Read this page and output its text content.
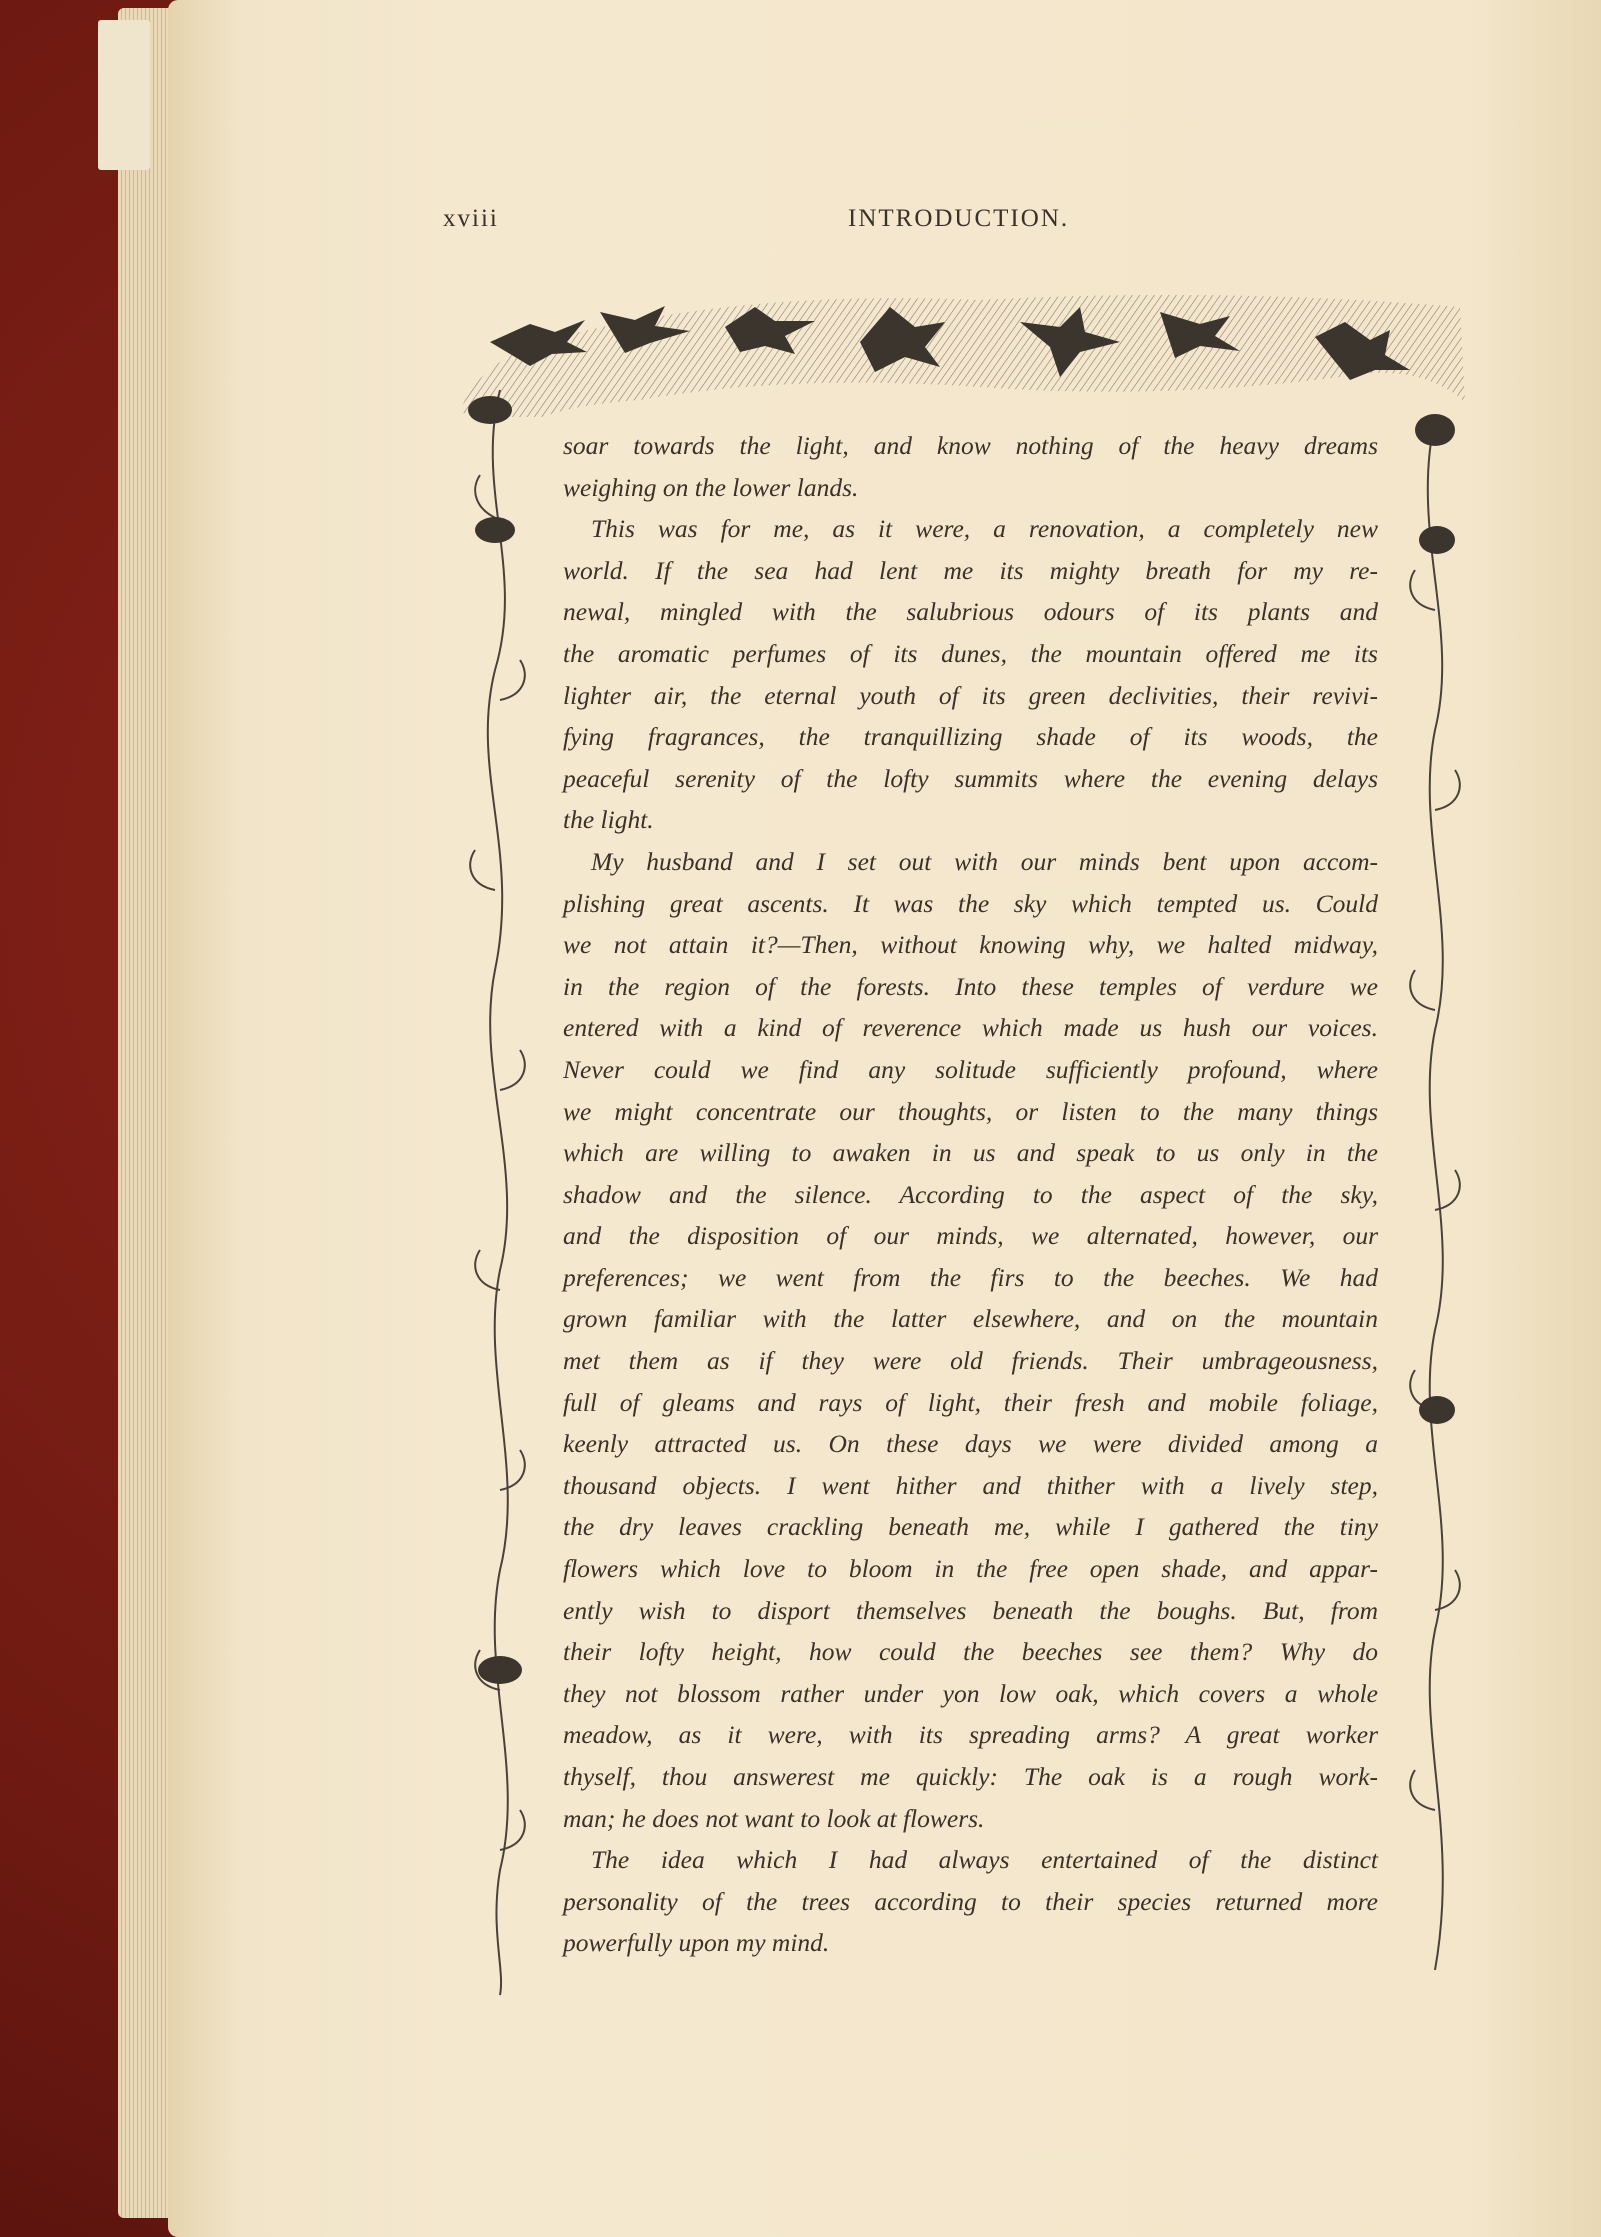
xviii	INTRODUCTION.
soar towards the light, and know nothing of the heavy dreams
weighing on the lower lands.
This was for me, as it were, a renovation, a completely new
world. If the sea had lent me its mighty breath for my re-
newal, mingled with the salubrious odours of its plants and
the aromatic perfumes of its dunes, the mountain offered me its
lighter air, the eternal youth of its green declivities, their revivi-
fying fragrances, the tranquillizing shade of its woods, the
peaceful serenity of the lofty summits where the evening delays
the light.
My husband and I set out with our minds bent upon accom-
plishing great ascents. It was the sky which tempted us. Could
we not attain it?—Then, without knowing why, we halted midway,
in the region of the forests. Into these temples of verdure we
entered with a kind of reverence which made us hush our voices.
Never could we find any solitude sufficiently profound, where
we might concentrate our thoughts, or listen to the many things
which are willing to awaken in us and speak to us only in the
shadow and the silence. According to the aspect of the sky,
and the disposition of our minds, we alternated, however, our
preferences; we went from the firs to the beeches. We had
grown familiar with the latter elsewhere, and on the mountain
met them as if they were old friends. Their umbrageousness,
full of gleams and rays of light, their fresh and mobile foliage,
keenly attracted us. On these days we were divided among a
thousand objects. I went hither and thither with a lively step,
the dry leaves crackling beneath me, while I gathered the tiny
flowers which love to bloom in the free open shade, and appar-
ently wish to disport themselves beneath the boughs. But, from
their lofty height, how could the beeches see them? Why do
they not blossom rather under yon low oak, which covers a whole
meadow, as it were, with its spreading arms? A great worker
thyself, thou answerest me quickly: The oak is a rough work-
man; he does not want to look at flowers.
The idea which I had always entertained of the distinct
personality of the trees according to their species returned more
powerfully upon my mind.
